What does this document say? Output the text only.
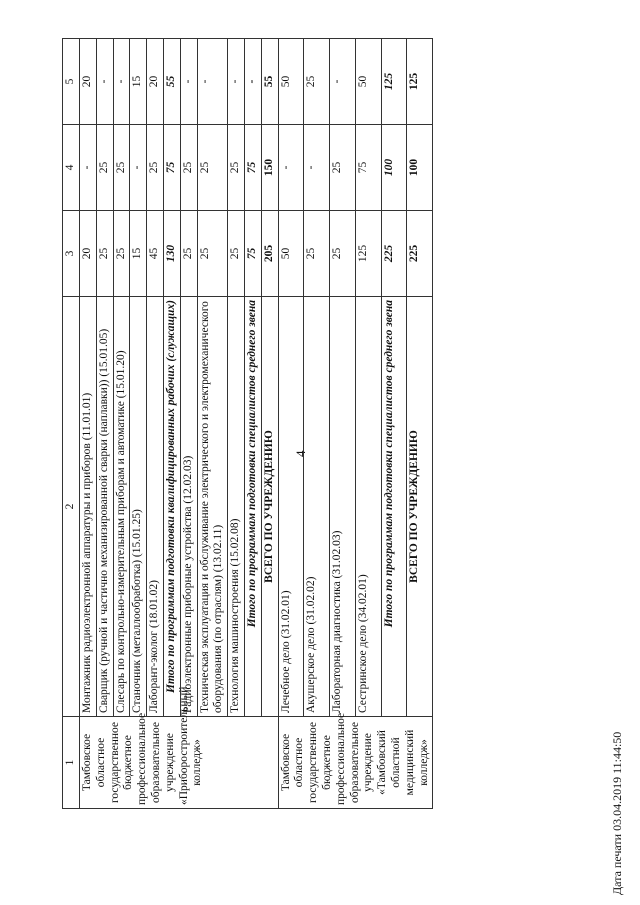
4
Дата печати 03.04.2019 11:44:50
1	2	3	4	5
Тамбовское областное государственное бюджетное профессиональное образовательное учреждение «Приборостроительный колледж»	Монтажник радиоэлектронной аппаратуры и приборов (11.01.01)	20	-	20
	Сварщик (ручной и частично механизированной сварки (наплавки)) (15.01.05)	25	25	-
	Слесарь по контрольно-измерительным приборам и автоматике (15.01.20)	25	25	-
	Станочник (металлообработка) (15.01.25)	15	-	15
	Лаборант-эколог (18.01.02)	45	25	20
	Итого по программам подготовки квалифицированных рабочих (служащих)	130	75	55
	Радиоэлектронные приборные устройства (12.02.03)	25	25	-
	Техническая эксплуатация и обслуживание электрического и электромеханического оборудования (по отраслям) (13.02.11)	25	25	-
	Технология машиностроения (15.02.08)	25	25	-
	Итого по программам подготовки специалистов среднего звена	75	75	-
	ВСЕГО ПО УЧРЕЖДЕНИЮ	205	150	55
Тамбовское областное государственное бюджетное профессиональное образовательное учреждение «Тамбовский областной медицинский колледж»	Лечебное дело (31.02.01)	50	-	50
	Акушерское дело (31.02.02)	25	-	25
	Лабораторная диагностика (31.02.03)	25	25	-
	Сестринское дело (34.02.01)	125	75	50
	Итого по программам подготовки специалистов среднего звена	225	100	125
	ВСЕГО ПО УЧРЕЖДЕНИЮ	225	100	125
